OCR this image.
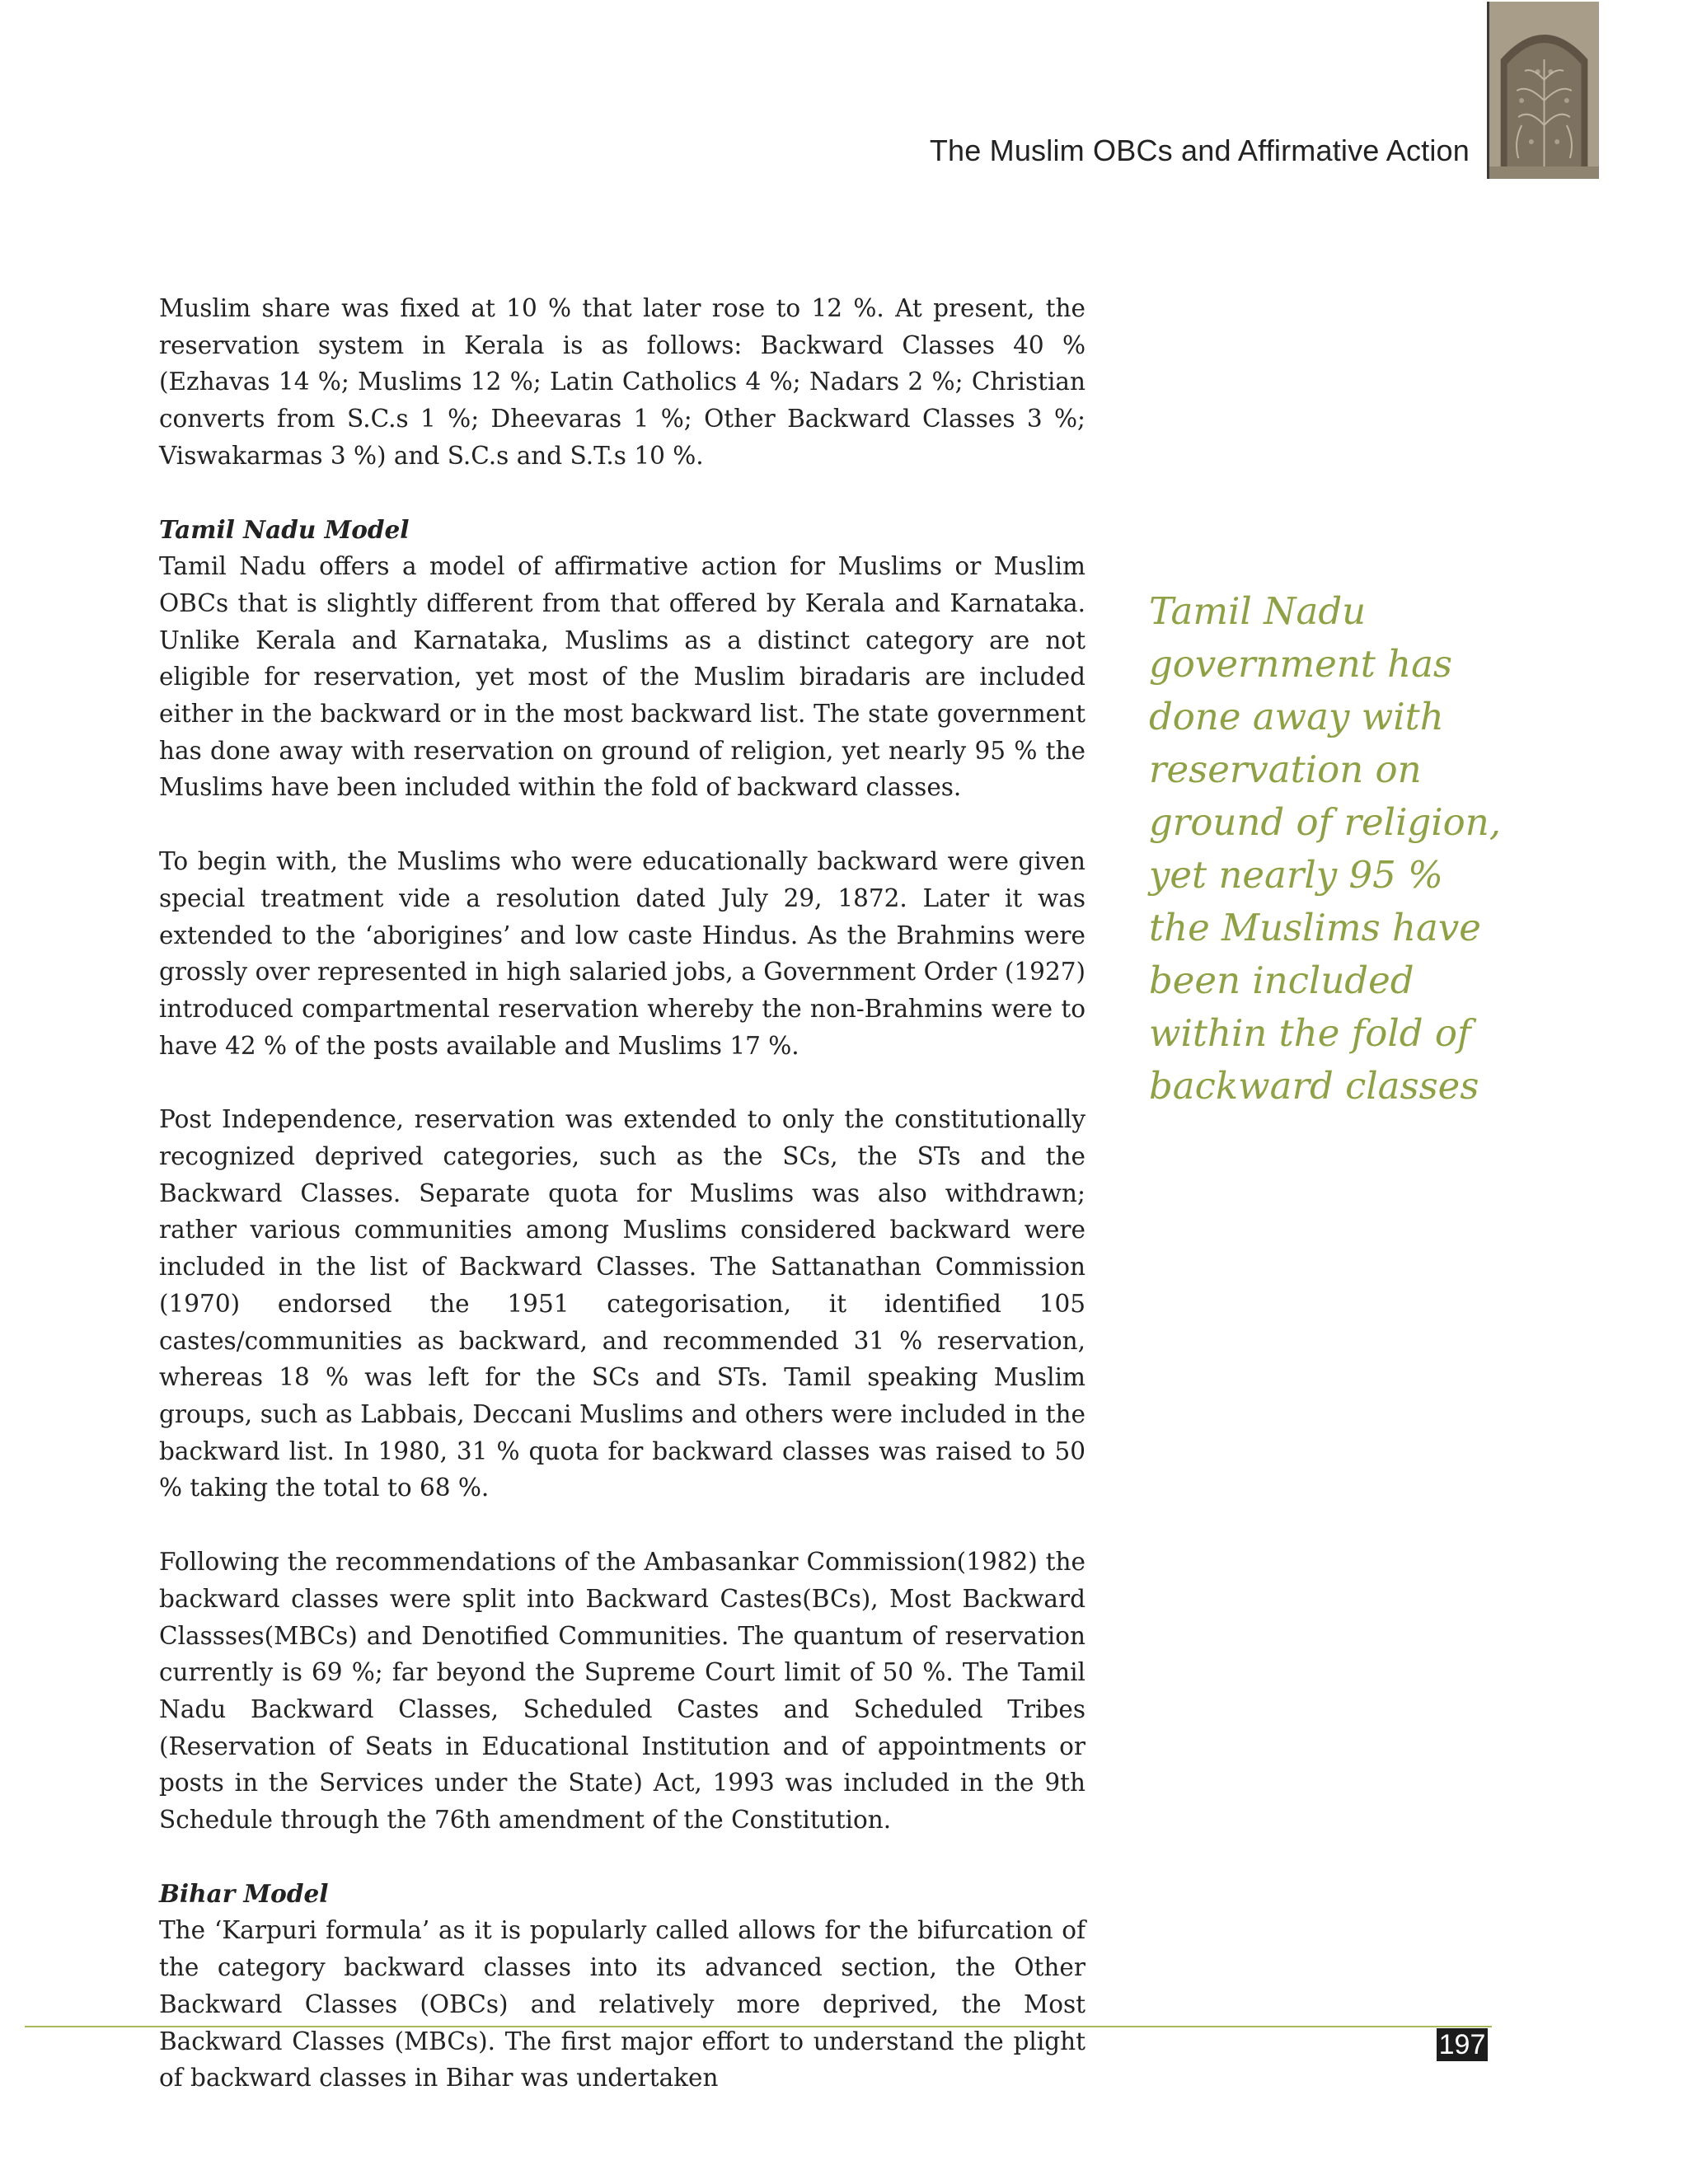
The Muslim OBCs and Affirmative Action

Muslim share was fixed at 10 % that later rose to 12 %. At present, the reservation system in Kerala is as follows: Backward Classes 40 % (Ezhavas 14 %; Muslims 12 %; Latin Catholics 4 %; Nadars 2 %; Christian converts from S.C.s 1 %; Dheevaras 1 %; Other Backward Classes 3 %; Viswakarmas 3 %) and S.C.s and S.T.s 10 %.

Tamil Nadu Model
Tamil Nadu offers a model of affirmative action for Muslims or Muslim OBCs that is slightly different from that offered by Kerala and Karnataka. Unlike Kerala and Karnataka, Muslims as a distinct category are not eligible for reservation, yet most of the Muslim biradaris are included either in the backward or in the most backward list. The state government has done away with reservation on ground of religion, yet nearly 95 % the Muslims have been included within the fold of backward classes.

To begin with, the Muslims who were educationally backward were given special treatment vide a resolution dated July 29, 1872. Later it was extended to the ‘aborigines’ and low caste Hindus. As the Brahmins were grossly over represented in high salaried jobs, a Government Order (1927) introduced compartmental reservation whereby the non-Brahmins were to have 42 % of the posts available and Muslims 17 %.

Post Independence, reservation was extended to only the constitutionally recognized deprived categories, such as the SCs, the STs and the Backward Classes. Separate quota for Muslims was also withdrawn; rather various communities among Muslims considered backward were included in the list of Backward Classes. The Sattanathan Commission (1970) endorsed the 1951 categorisation, it identified 105 castes/communities as backward, and recommended 31 % reservation, whereas 18 % was left for the SCs and STs. Tamil speaking Muslim groups, such as Labbais, Deccani Muslims and others were included in the backward list. In 1980, 31 % quota for backward classes was raised to 50 % taking the total to 68 %.

Following the recommendations of the Ambasankar Commission(1982) the backward classes were split into Backward Castes(BCs), Most Backward Classses(MBCs) and Denotified Communities. The quantum of reservation currently is 69 %; far beyond the Supreme Court limit of 50 %. The Tamil Nadu Backward Classes, Scheduled Castes and Scheduled Tribes (Reservation of Seats in Educational Institution and of appointments or posts in the Services under the State) Act, 1993 was included in the 9th Schedule through the 76th amendment of the Constitution.

Bihar Model
The ‘Karpuri formula’ as it is popularly called allows for the bifurcation of the category backward classes into its advanced section, the Other Backward Classes (OBCs) and relatively more deprived, the Most Backward Classes (MBCs). The first major effort to understand the plight of backward classes in Bihar was undertaken

Tamil Nadu government has done away with reservation on ground of religion, yet nearly 95 % the Muslims have been included within the fold of backward classes
197
